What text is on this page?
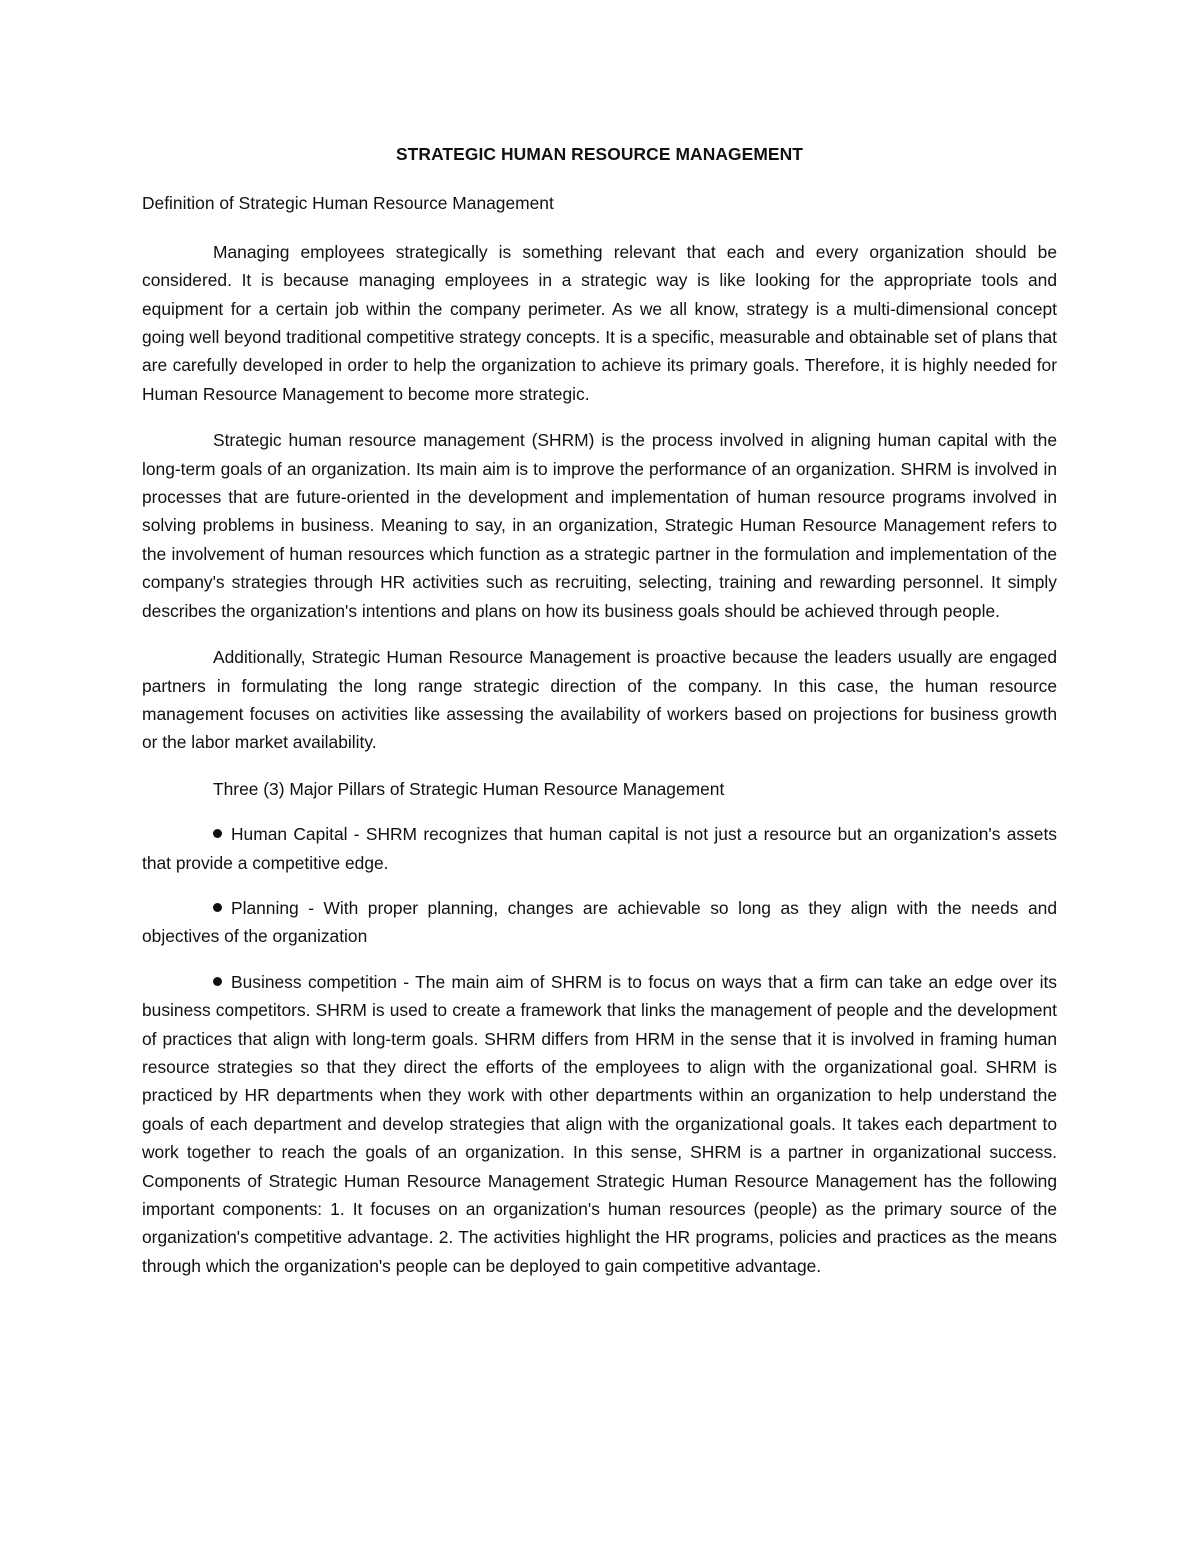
STRATEGIC HUMAN RESOURCE MANAGEMENT
Definition of Strategic Human Resource Management

Managing employees strategically is something relevant that each and every organization should be considered. It is because managing employees in a strategic way is like looking for the appropriate tools and equipment for a certain job within the company perimeter. As we all know, strategy is a multi-dimensional concept going well beyond traditional competitive strategy concepts. It is a specific, measurable and obtainable set of plans that are carefully developed in order to help the organization to achieve its primary goals. Therefore, it is highly needed for Human Resource Management to become more strategic.

Strategic human resource management (SHRM) is the process involved in aligning human capital with the long-term goals of an organization. Its main aim is to improve the performance of an organization. SHRM is involved in processes that are future-oriented in the development and implementation of human resource programs involved in solving problems in business. Meaning to say, in an organization, Strategic Human Resource Management refers to the involvement of human resources which function as a strategic partner in the formulation and implementation of the company's strategies through HR activities such as recruiting, selecting, training and rewarding personnel. It simply describes the organization's intentions and plans on how its business goals should be achieved through people.

Additionally, Strategic Human Resource Management is proactive because the leaders usually are engaged partners in formulating the long range strategic direction of the company. In this case, the human resource management focuses on activities like assessing the availability of workers based on projections for business growth or the labor market availability.

Three (3) Major Pillars of Strategic Human Resource Management

Human Capital - SHRM recognizes that human capital is not just a resource but an organization's assets that provide a competitive edge.

Planning - With proper planning, changes are achievable so long as they align with the needs and objectives of the organization

Business competition - The main aim of SHRM is to focus on ways that a firm can take an edge over its business competitors. SHRM is used to create a framework that links the management of people and the development of practices that align with long-term goals. SHRM differs from HRM in the sense that it is involved in framing human resource strategies so that they direct the efforts of the employees to align with the organizational goal. SHRM is practiced by HR departments when they work with other departments within an organization to help understand the goals of each department and develop strategies that align with the organizational goals. It takes each department to work together to reach the goals of an organization. In this sense, SHRM is a partner in organizational success. Components of Strategic Human Resource Management Strategic Human Resource Management has the following important components: 1. It focuses on an organization's human resources (people) as the primary source of the organization's competitive advantage. 2. The activities highlight the HR programs, policies and practices as the means through which the organization's people can be deployed to gain competitive advantage.
